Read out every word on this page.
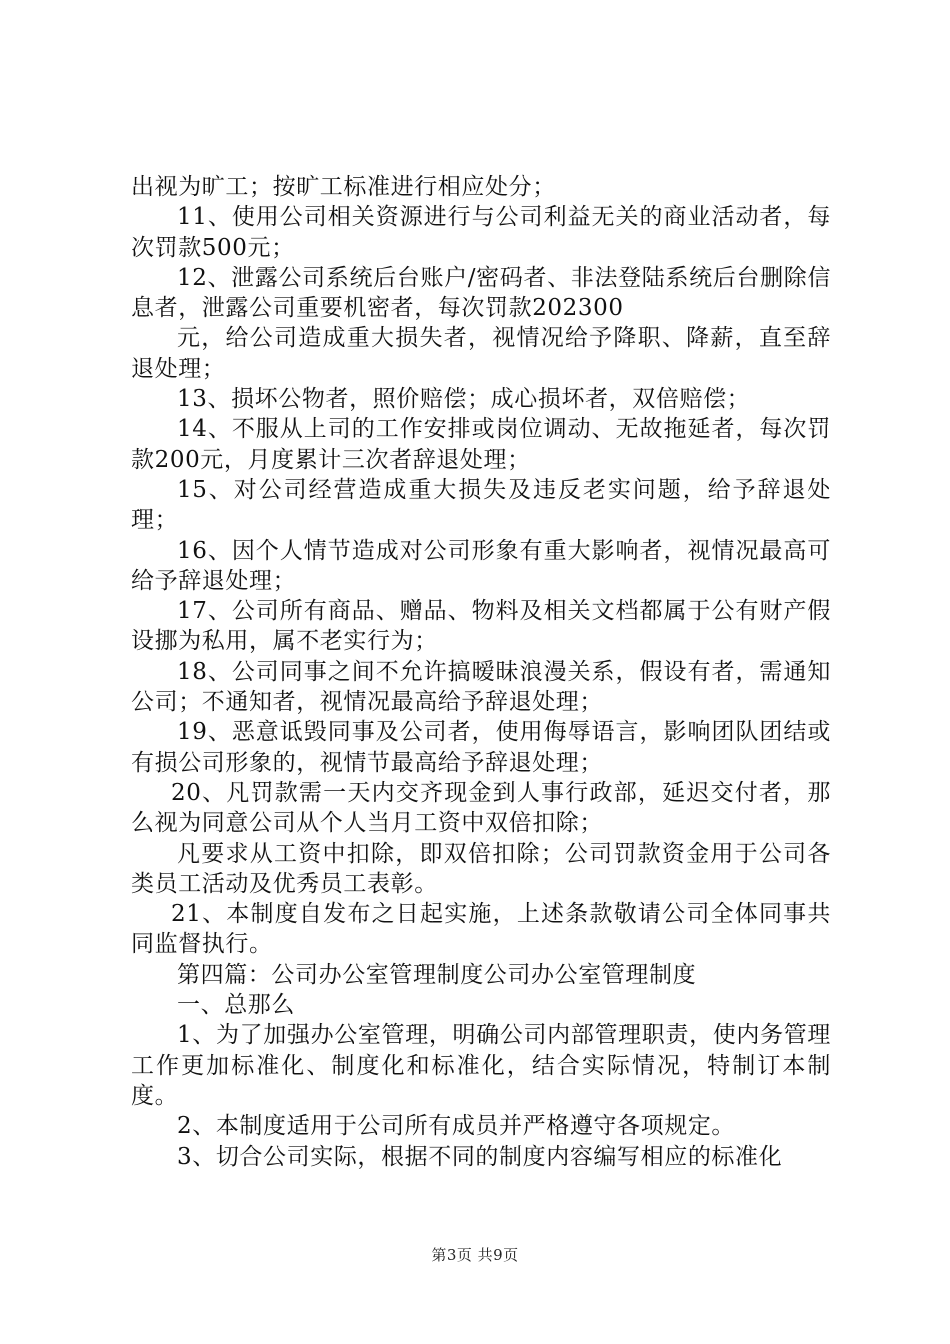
出视为旷工；按旷工标准进行相应处分；

11、使用公司相关资源进行与公司利益无关的商业活动者，每次罚款500元；

12、泄露公司系统后台账户/密码者、非法登陆系统后台删除信息者，泄露公司重要机密者，每次罚款202300

元，给公司造成重大损失者，视情况给予降职、降薪，直至辞退处理；

13、损坏公物者，照价赔偿；成心损坏者，双倍赔偿；

14、不服从上司的工作安排或岗位调动、无故拖延者，每次罚款200元，月度累计三次者辞退处理；

15、对公司经营造成重大损失及违反老实问题，给予辞退处理；

16、因个人情节造成对公司形象有重大影响者，视情况最高可给予辞退处理；

17、公司所有商品、赠品、物料及相关文档都属于公有财产假设挪为私用，属不老实行为；

18、公司同事之间不允许搞暧昧浪漫关系，假设有者，需通知公司；不通知者，视情况最高给予辞退处理；

19、恶意诋毁同事及公司者，使用侮辱语言，影响团队团结或有损公司形象的，视情节最高给予辞退处理；

20、凡罚款需一天内交齐现金到人事行政部，延迟交付者，那么视为同意公司从个人当月工资中双倍扣除；

凡要求从工资中扣除，即双倍扣除；公司罚款资金用于公司各类员工活动及优秀员工表彰。

21、本制度自发布之日起实施，上述条款敬请公司全体同事共同监督执行。

第四篇：公司办公室管理制度公司办公室管理制度

一、总那么

1、为了加强办公室管理，明确公司内部管理职责，使内务管理工作更加标准化、制度化和标准化，结合实际情况，特制订本制度。

2、本制度适用于公司所有成员并严格遵守各项规定。

3、切合公司实际，根据不同的制度内容编写相应的标准化

第3页 共9页
